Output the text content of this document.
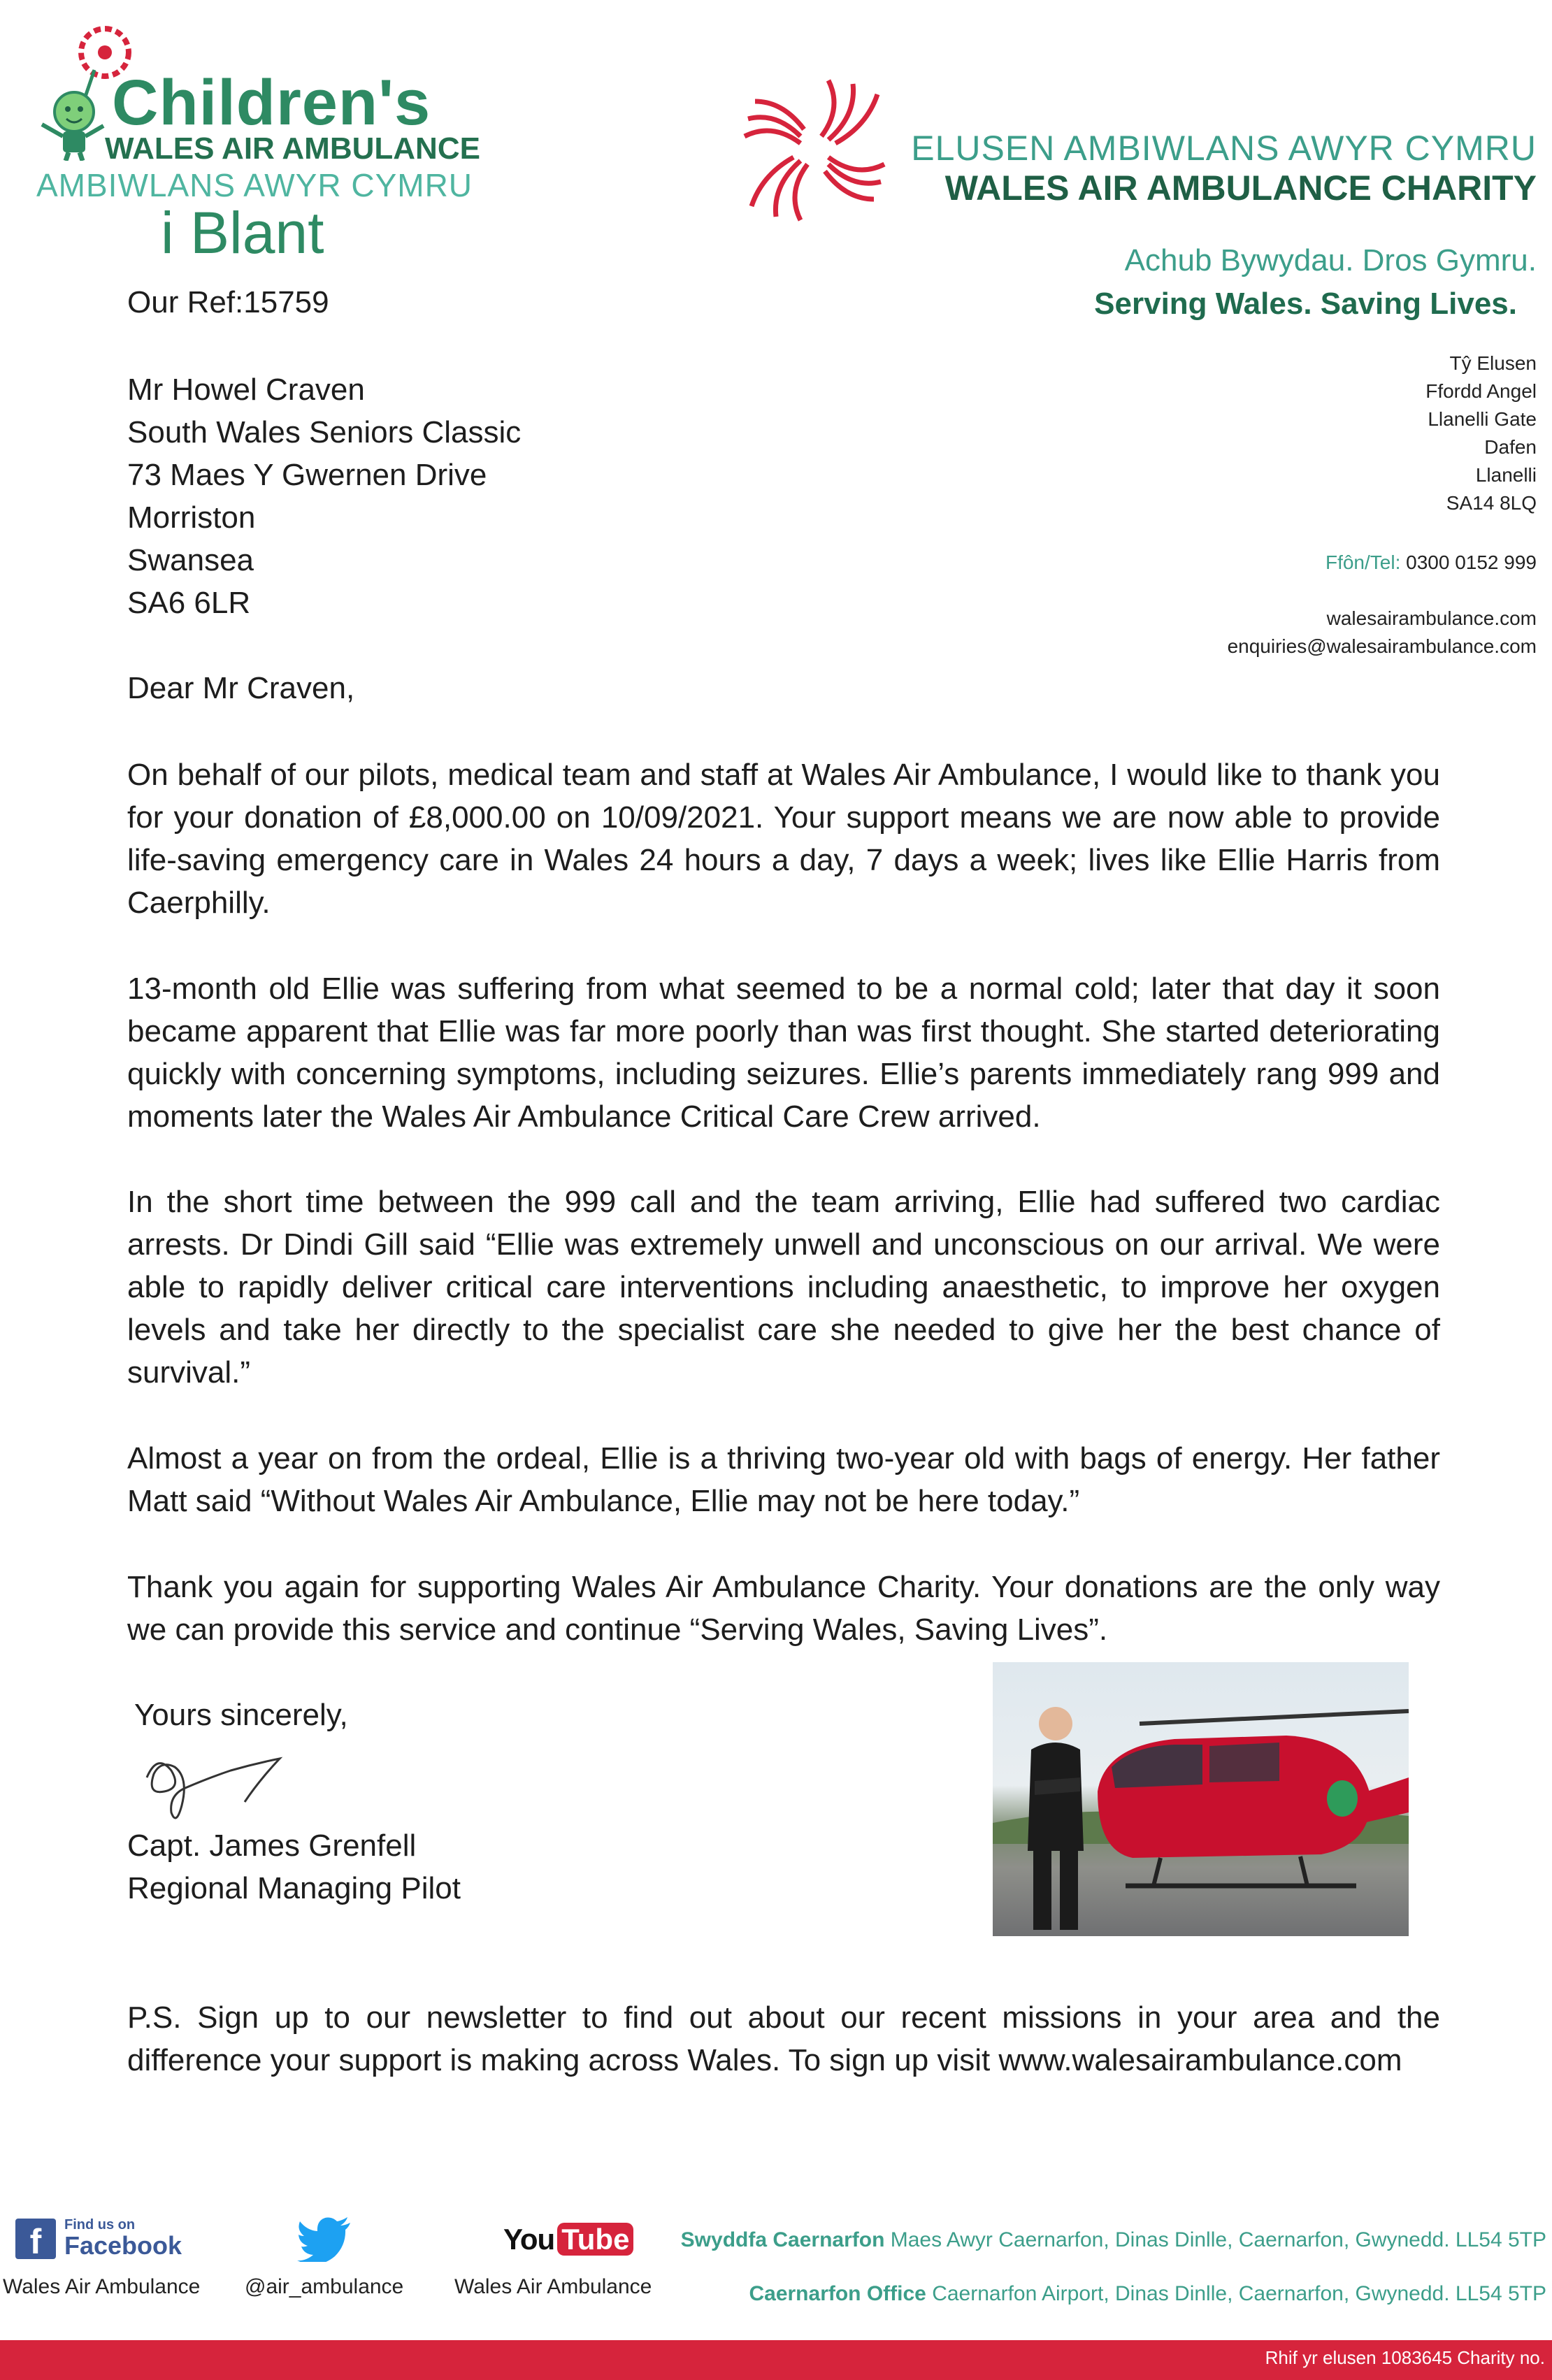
Children's
WALES AIR AMBULANCE
AMBIWLANS AWYR CYMRU
i Blant
ELUSEN AMBIWLANS AWYR CYMRU
WALES AIR AMBULANCE CHARITY
Achub Bywydau. Dros Gymru.
Serving Wales. Saving Lives.
Tŷ Elusen
Ffordd Angel
Llanelli Gate
Dafen
Llanelli
SA14 8LQ
Ffôn/Tel: 0300 0152 999
walesairambulance.com
enquiries@walesairambulance.com
Our Ref:15759
Mr Howel Craven
South Wales Seniors Classic
73 Maes Y Gwernen Drive
Morriston
Swansea
SA6 6LR
Dear Mr Craven,
On behalf of our pilots, medical team and staff at Wales Air Ambulance, I would like to thank you for your donation of £8,000.00 on 10/09/2021. Your support means we are now able to provide life-saving emergency care in Wales 24 hours a day, 7 days a week; lives like Ellie Harris from Caerphilly.
13-month old Ellie was suffering from what seemed to be a normal cold; later that day it soon became apparent that Ellie was far more poorly than was first thought. She started deteriorating quickly with concerning symptoms, including seizures. Ellie’s parents immediately rang 999 and moments later the Wales Air Ambulance Critical Care Crew arrived.
In the short time between the 999 call and the team arriving, Ellie had suffered two cardiac arrests. Dr Dindi Gill said “Ellie was extremely unwell and unconscious on our arrival. We were able to rapidly deliver critical care interventions including anaesthetic, to improve her oxygen levels and take her directly to the specialist care she needed to give her the best chance of survival.”
Almost a year on from the ordeal, Ellie is a thriving two-year old with bags of energy. Her father Matt said “Without Wales Air Ambulance, Ellie may not be here today.”
Thank you again for supporting Wales Air Ambulance Charity. Your donations are the only way we can provide this service and continue “Serving Wales, Saving Lives”.
Yours sincerely,
Capt. James Grenfell
Regional Managing Pilot
P.S. Sign up to our newsletter to find out about our recent missions in your area and the difference your support is making across Wales. To sign up visit www.walesairambulance.com
f	Find us on
Facebook
Wales Air Ambulance @air_ambulance
You Tube
Wales Air Ambulance
Swyddfa Caernarfon Maes Awyr Caernarfon, Dinas Dinlle, Caernarfon, Gwynedd. LL54 5TP
Caernarfon Office Caernarfon Airport, Dinas Dinlle, Caernarfon, Gwynedd. LL54 5TP
Rhif yr elusen 1083645 Charity no.
